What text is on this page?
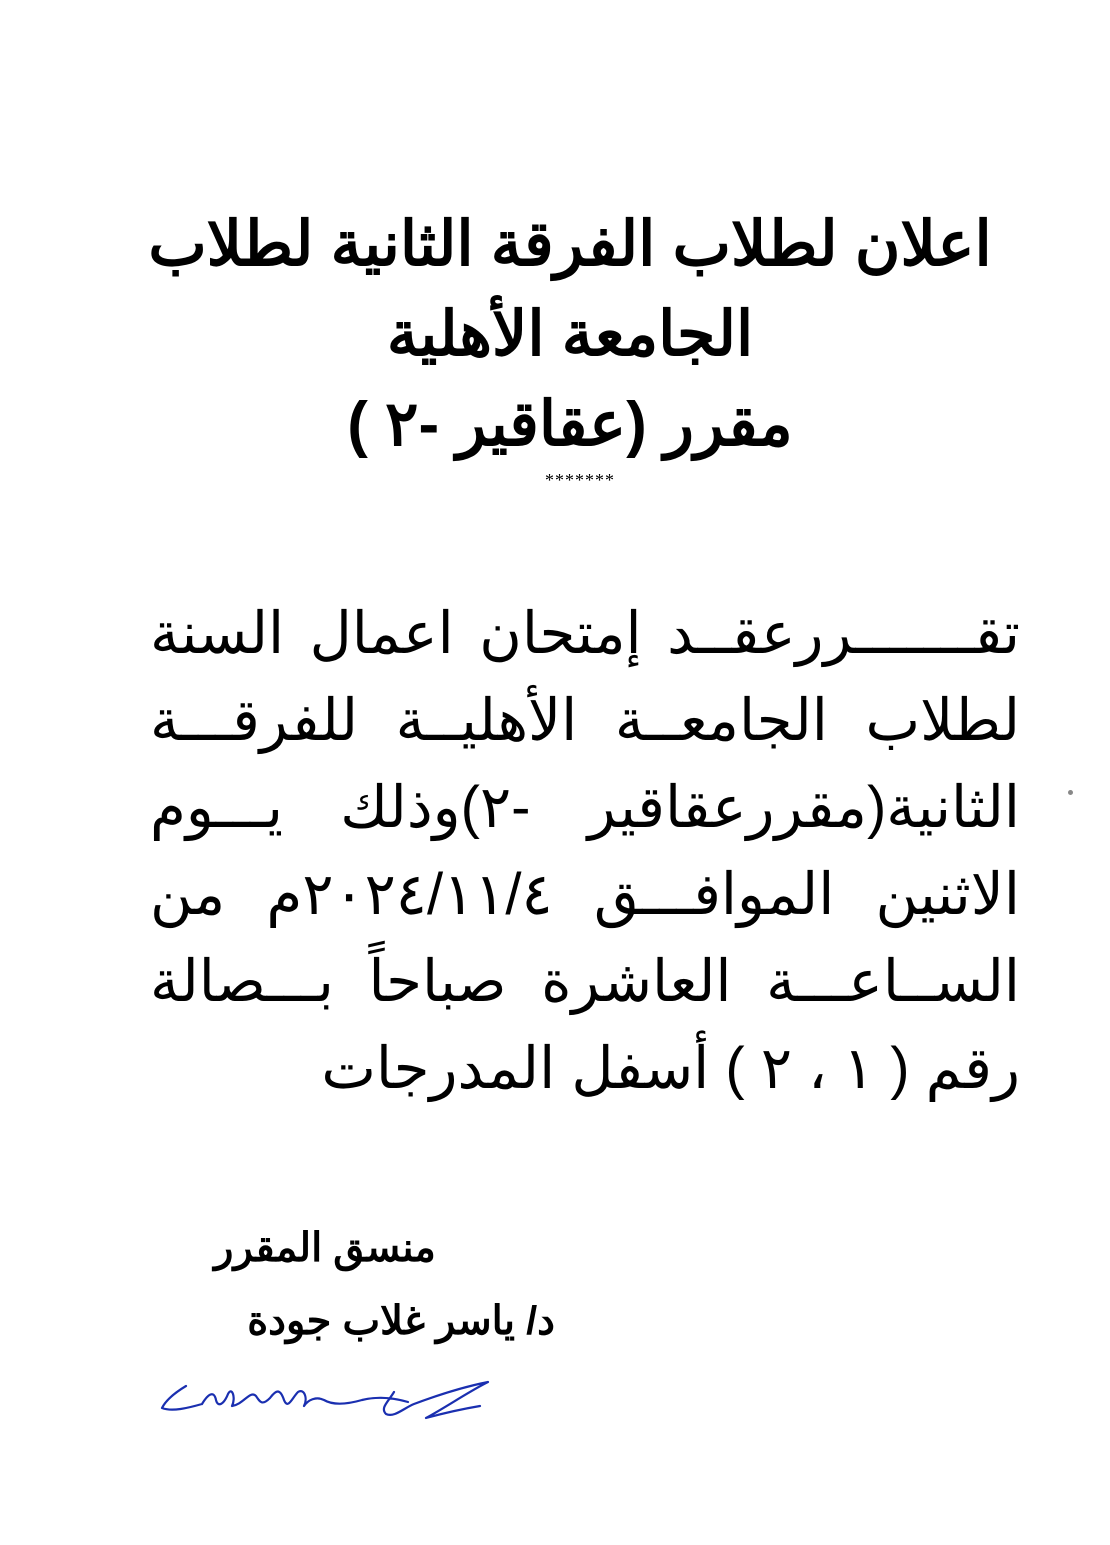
اعلان لطلاب الفرقة الثانية لطلاب
الجامعة الأهلية
مقرر (عقاقير -٢ )
*******
تقـــــــررعقــد إمتحان اعمال السنة
لطلاب الجامعــة الأهليــة للفرقـــة
الثانية(مقررعقاقير -٢)وذلك يـــوم
الاثنين الموافـــق ٢٠٢٤/١١/٤م من
الســاعـــة العاشرة صباحاً بـــصالة
رقم ( ١ ، ٢ ) أسفل المدرجات
منسق المقرر
د/ ياسر غلاب جودة
